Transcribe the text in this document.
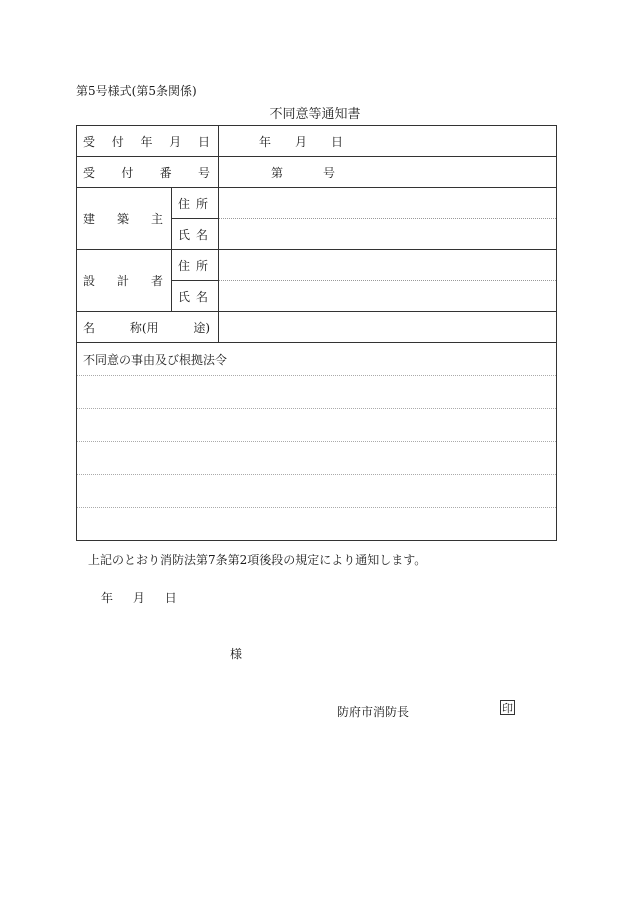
第5号様式(第5条関係)
不同意等通知書
受 付 年 月 日		年 月 日

受 付 番 号		第 号

建 築 主	住 所	

	氏 名	

設 計 者	住 所	

	氏 名	

名 称(用 途)		

不同意の事由及び根拠法令		
上記のとおり消防法第7条第2項後段の規定により通知します。
年 月 日
様
防府市消防長	印
